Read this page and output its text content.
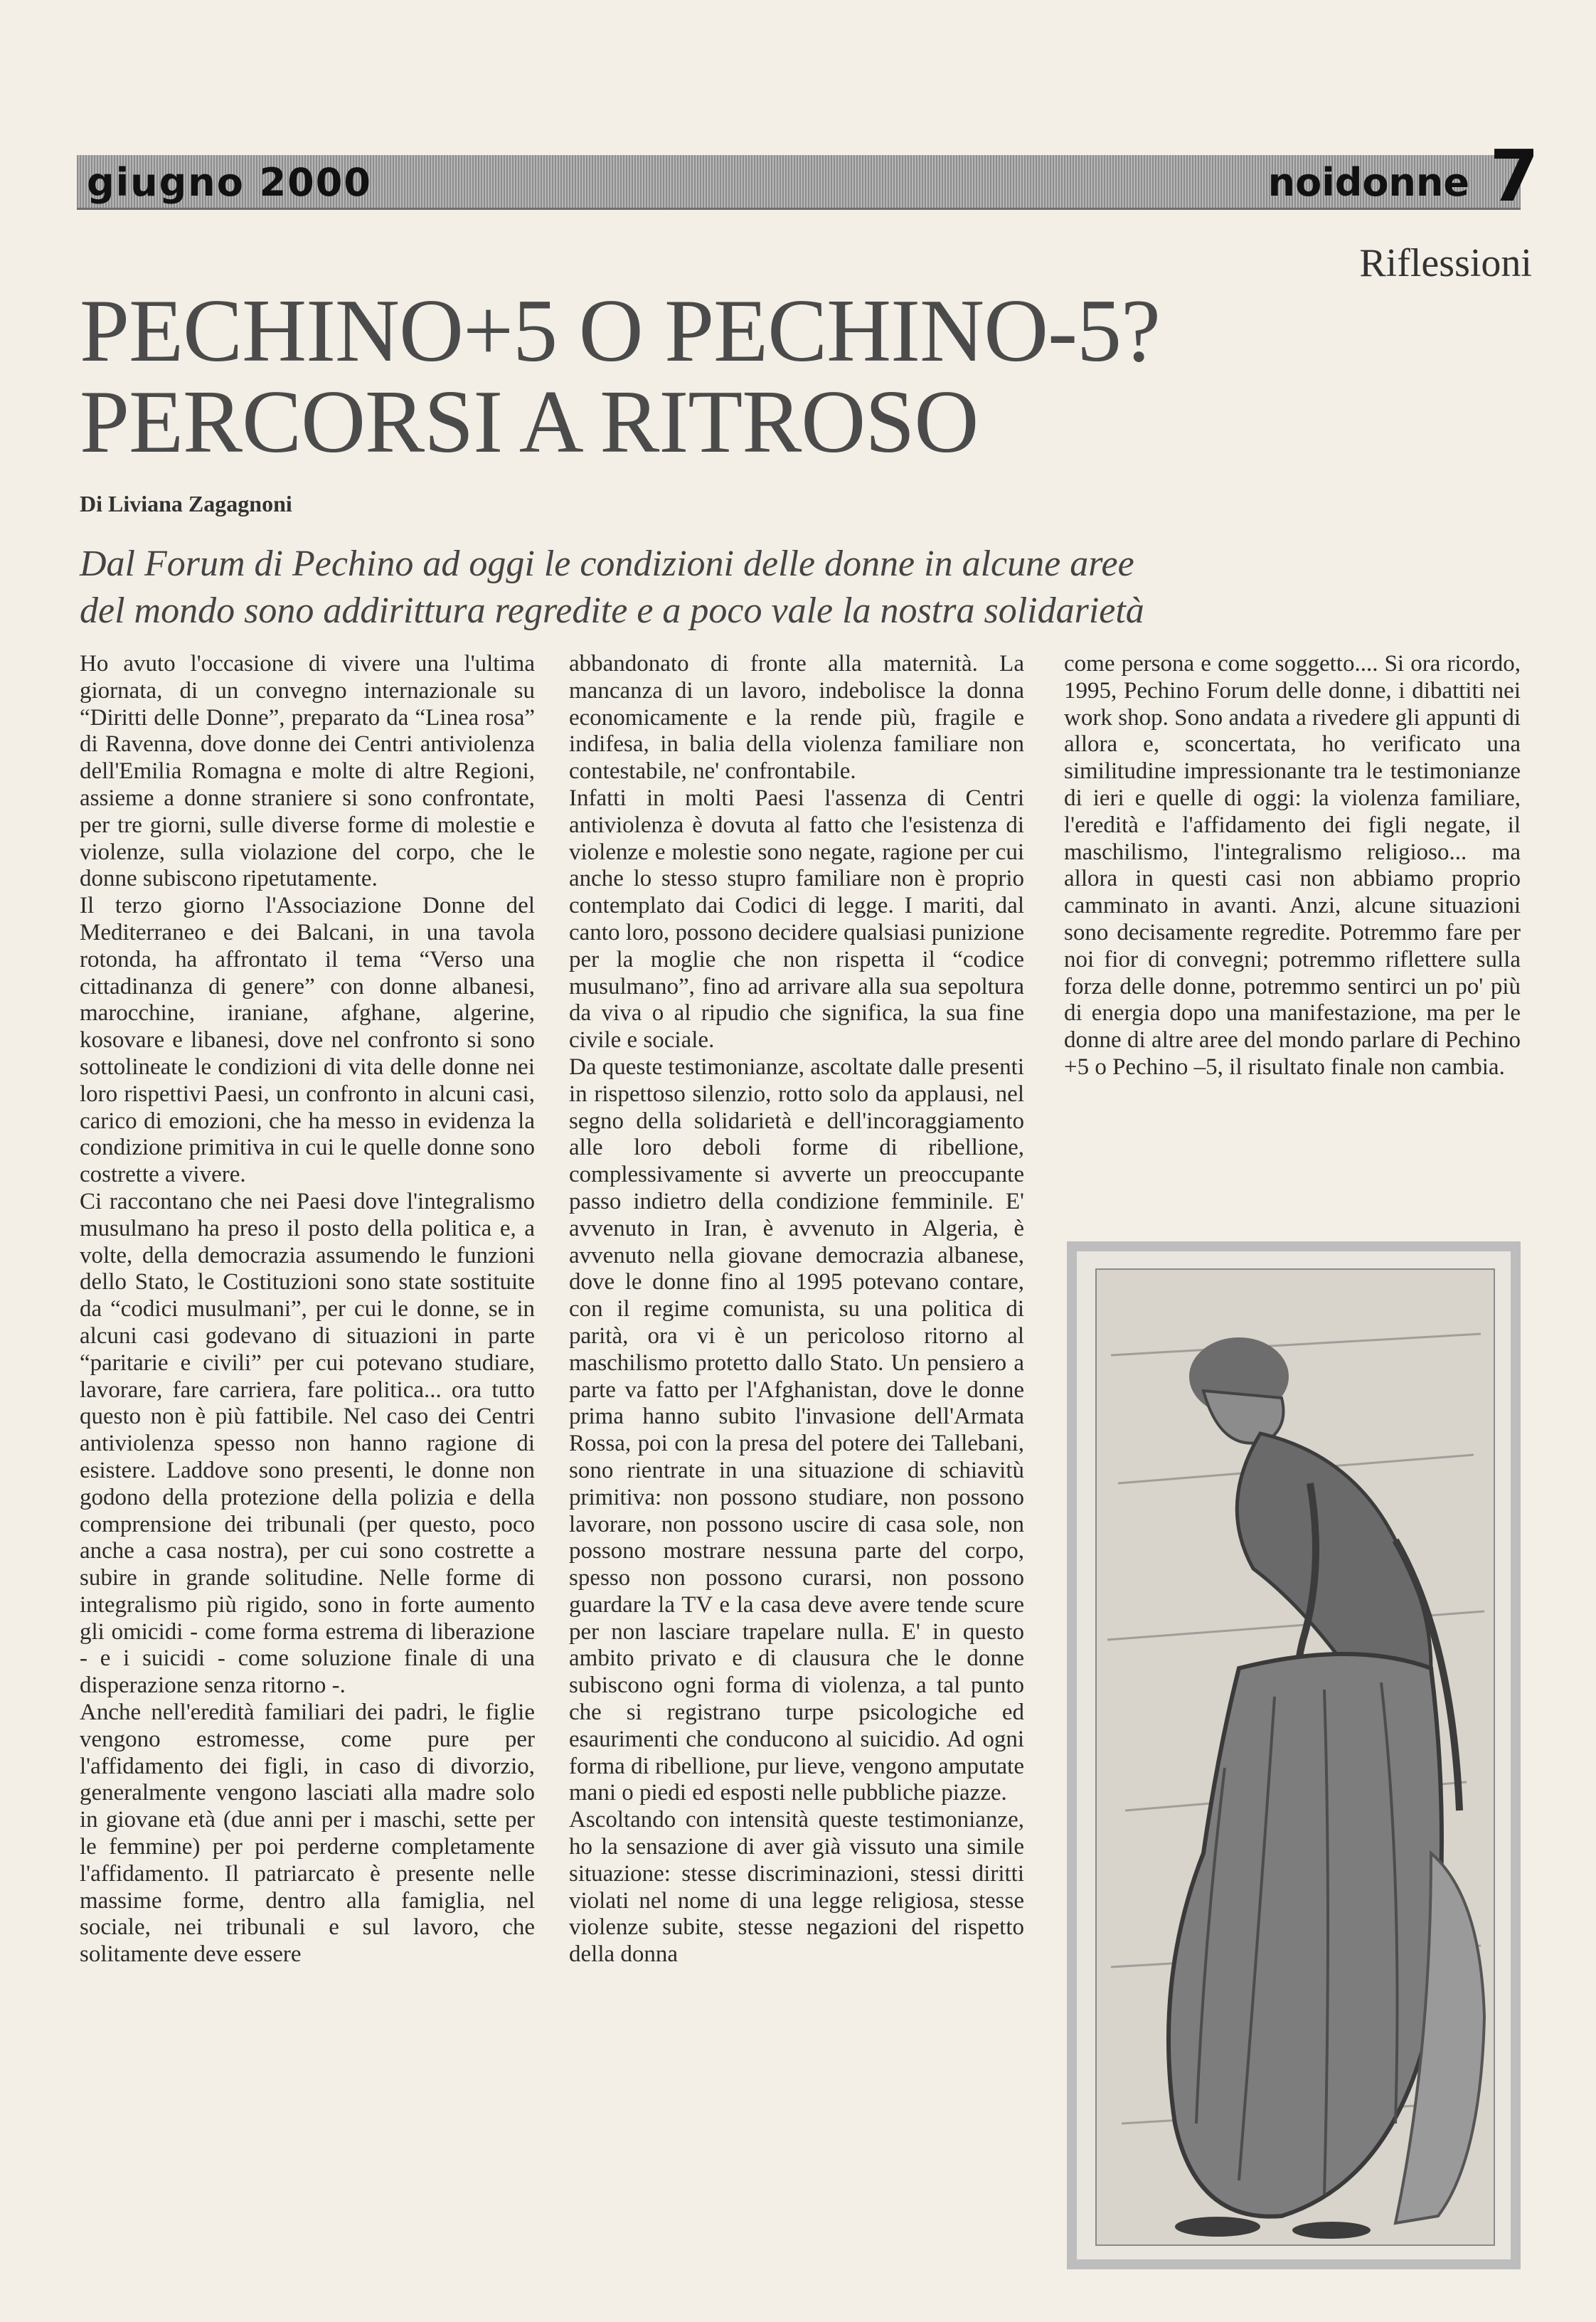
giugno 2000	noidonne 7
Riflessioni
PECHINO+5 O PECHINO-5?
PERCORSI A RITROSO
Di Liviana Zagagnoni
Dal Forum di Pechino ad oggi le condizioni delle donne in alcune aree
del mondo sono addirittura regredite e a poco vale la nostra solidarietà

Ho avuto l'occasione di vivere una l'ultima giornata, di un convegno internazionale su “Diritti delle Donne”, preparato da “Linea rosa” di Ravenna, dove donne dei Centri antiviolenza dell'Emilia Romagna e molte di altre Regioni, assieme a donne straniere si sono confrontate, per tre giorni, sulle diverse forme di molestie e violenze, sulla violazione del corpo, che le donne subiscono ripetutamente.

Il terzo giorno l'Associazione Donne del Mediterraneo e dei Balcani, in una tavola rotonda, ha affrontato il tema “Verso una cittadinanza di genere” con donne albanesi, marocchine, iraniane, afghane, algerine, kosovare e libanesi, dove nel confronto si sono sottolineate le condizioni di vita delle donne nei loro rispettivi Paesi, un confronto in alcuni casi, carico di emozioni, che ha messo in evidenza la condizione primitiva in cui le quelle donne sono costrette a vivere.

Ci raccontano che nei Paesi dove l'integralismo musulmano ha preso il posto della politica e, a volte, della democrazia assumendo le funzioni dello Stato, le Costituzioni sono state sostituite da “codici musulmani”, per cui le donne, se in alcuni casi godevano di situazioni in parte “paritarie e civili” per cui potevano studiare, lavorare, fare carriera, fare politica... ora tutto questo non è più fattibile. Nel caso dei Centri antiviolenza spesso non hanno ragione di esistere. Laddove sono presenti, le donne non godono della protezione della polizia e della comprensione dei tribunali (per questo, poco anche a casa nostra), per cui sono costrette a subire in grande solitudine. Nelle forme di integralismo più rigido, sono in forte aumento gli omicidi - come forma estrema di liberazione - e i suicidi - come soluzione finale di una disperazione senza ritorno -.

Anche nell'eredità familiari dei padri, le figlie vengono estromesse, come pure per l'affidamento dei figli, in caso di divorzio, generalmente vengono lasciati alla madre solo in giovane età (due anni per i maschi, sette per le femmine) per poi perderne completamente l'affidamento. Il patriarcato è presente nelle massime forme, dentro alla famiglia, nel sociale, nei tribunali e sul lavoro, che solitamente deve essere

abbandonato di fronte alla maternità. La mancanza di un lavoro, indebolisce la donna economicamente e la rende più, fragile e indifesa, in balia della violenza familiare non contestabile, ne' confrontabile.

Infatti in molti Paesi l'assenza di Centri antiviolenza è dovuta al fatto che l'esistenza di violenze e molestie sono negate, ragione per cui anche lo stesso stupro familiare non è proprio contemplato dai Codici di legge. I mariti, dal canto loro, possono decidere qualsiasi punizione per la moglie che non rispetta il “codice musulmano”, fino ad arrivare alla sua sepoltura da viva o al ripudio che significa, la sua fine civile e sociale.

Da queste testimonianze, ascoltate dalle presenti in rispettoso silenzio, rotto solo da applausi, nel segno della solidarietà e dell'incoraggiamento alle loro deboli forme di ribellione, complessivamente si avverte un preoccupante passo indietro della condizione femminile. E' avvenuto in Iran, è avvenuto in Algeria, è avvenuto nella giovane democrazia albanese, dove le donne fino al 1995 potevano contare, con il regime comunista, su una politica di parità, ora vi è un pericoloso ritorno al maschilismo protetto dallo Stato. Un pensiero a parte va fatto per l'Afghanistan, dove le donne prima hanno subito l'invasione dell'Armata Rossa, poi con la presa del potere dei Tallebani, sono rientrate in una situazione di schiavitù primitiva: non possono studiare, non possono lavorare, non possono uscire di casa sole, non possono mostrare nessuna parte del corpo, spesso non possono curarsi, non possono guardare la TV e la casa deve avere tende scure per non lasciare trapelare nulla. E' in questo ambito privato e di clausura che le donne subiscono ogni forma di violenza, a tal punto che si registrano turpe psicologiche ed esaurimenti che conducono al suicidio. Ad ogni forma di ribellione, pur lieve, vengono amputate mani o piedi ed esposti nelle pubbliche piazze.

Ascoltando con intensità queste testimonianze, ho la sensazione di aver già vissuto una simile situazione: stesse discriminazioni, stessi diritti violati nel nome di una legge religiosa, stesse violenze subite, stesse negazioni del rispetto della donna

come persona e come soggetto.... Si ora ricordo, 1995, Pechino Forum delle donne, i dibattiti nei work shop. Sono andata a rivedere gli appunti di allora e, sconcertata, ho verificato una similitudine impressionante tra le testimonianze di ieri e quelle di oggi: la violenza familiare, l'eredità e l'affidamento dei figli negate, il maschilismo, l'integralismo religioso... ma allora in questi casi non abbiamo proprio camminato in avanti. Anzi, alcune situazioni sono decisamente regredite. Potremmo fare per noi fior di convegni; potremmo riflettere sulla forza delle donne, potremmo sentirci un po' più di energia dopo una manifestazione, ma per le donne di altre aree del mondo parlare di Pechino +5 o Pechino –5, il risultato finale non cambia.
